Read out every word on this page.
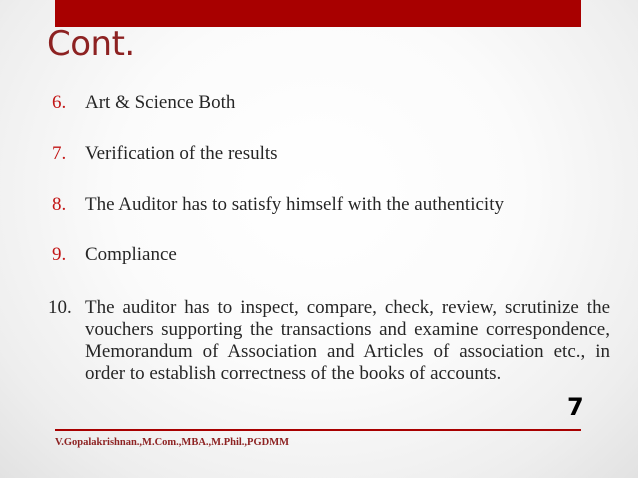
Cont.
6. Art & Science Both
7. Verification of the results
8. The Auditor has to satisfy himself with the authenticity
9. Compliance
10. The auditor has to inspect, compare, check, review, scrutinize the vouchers supporting the transactions and examine correspondence, Memorandum of Association and Articles of association etc., in order to establish correctness of the books of accounts.
7
V.Gopalakrishnan.,M.Com.,MBA.,M.Phil.,PGDMM
